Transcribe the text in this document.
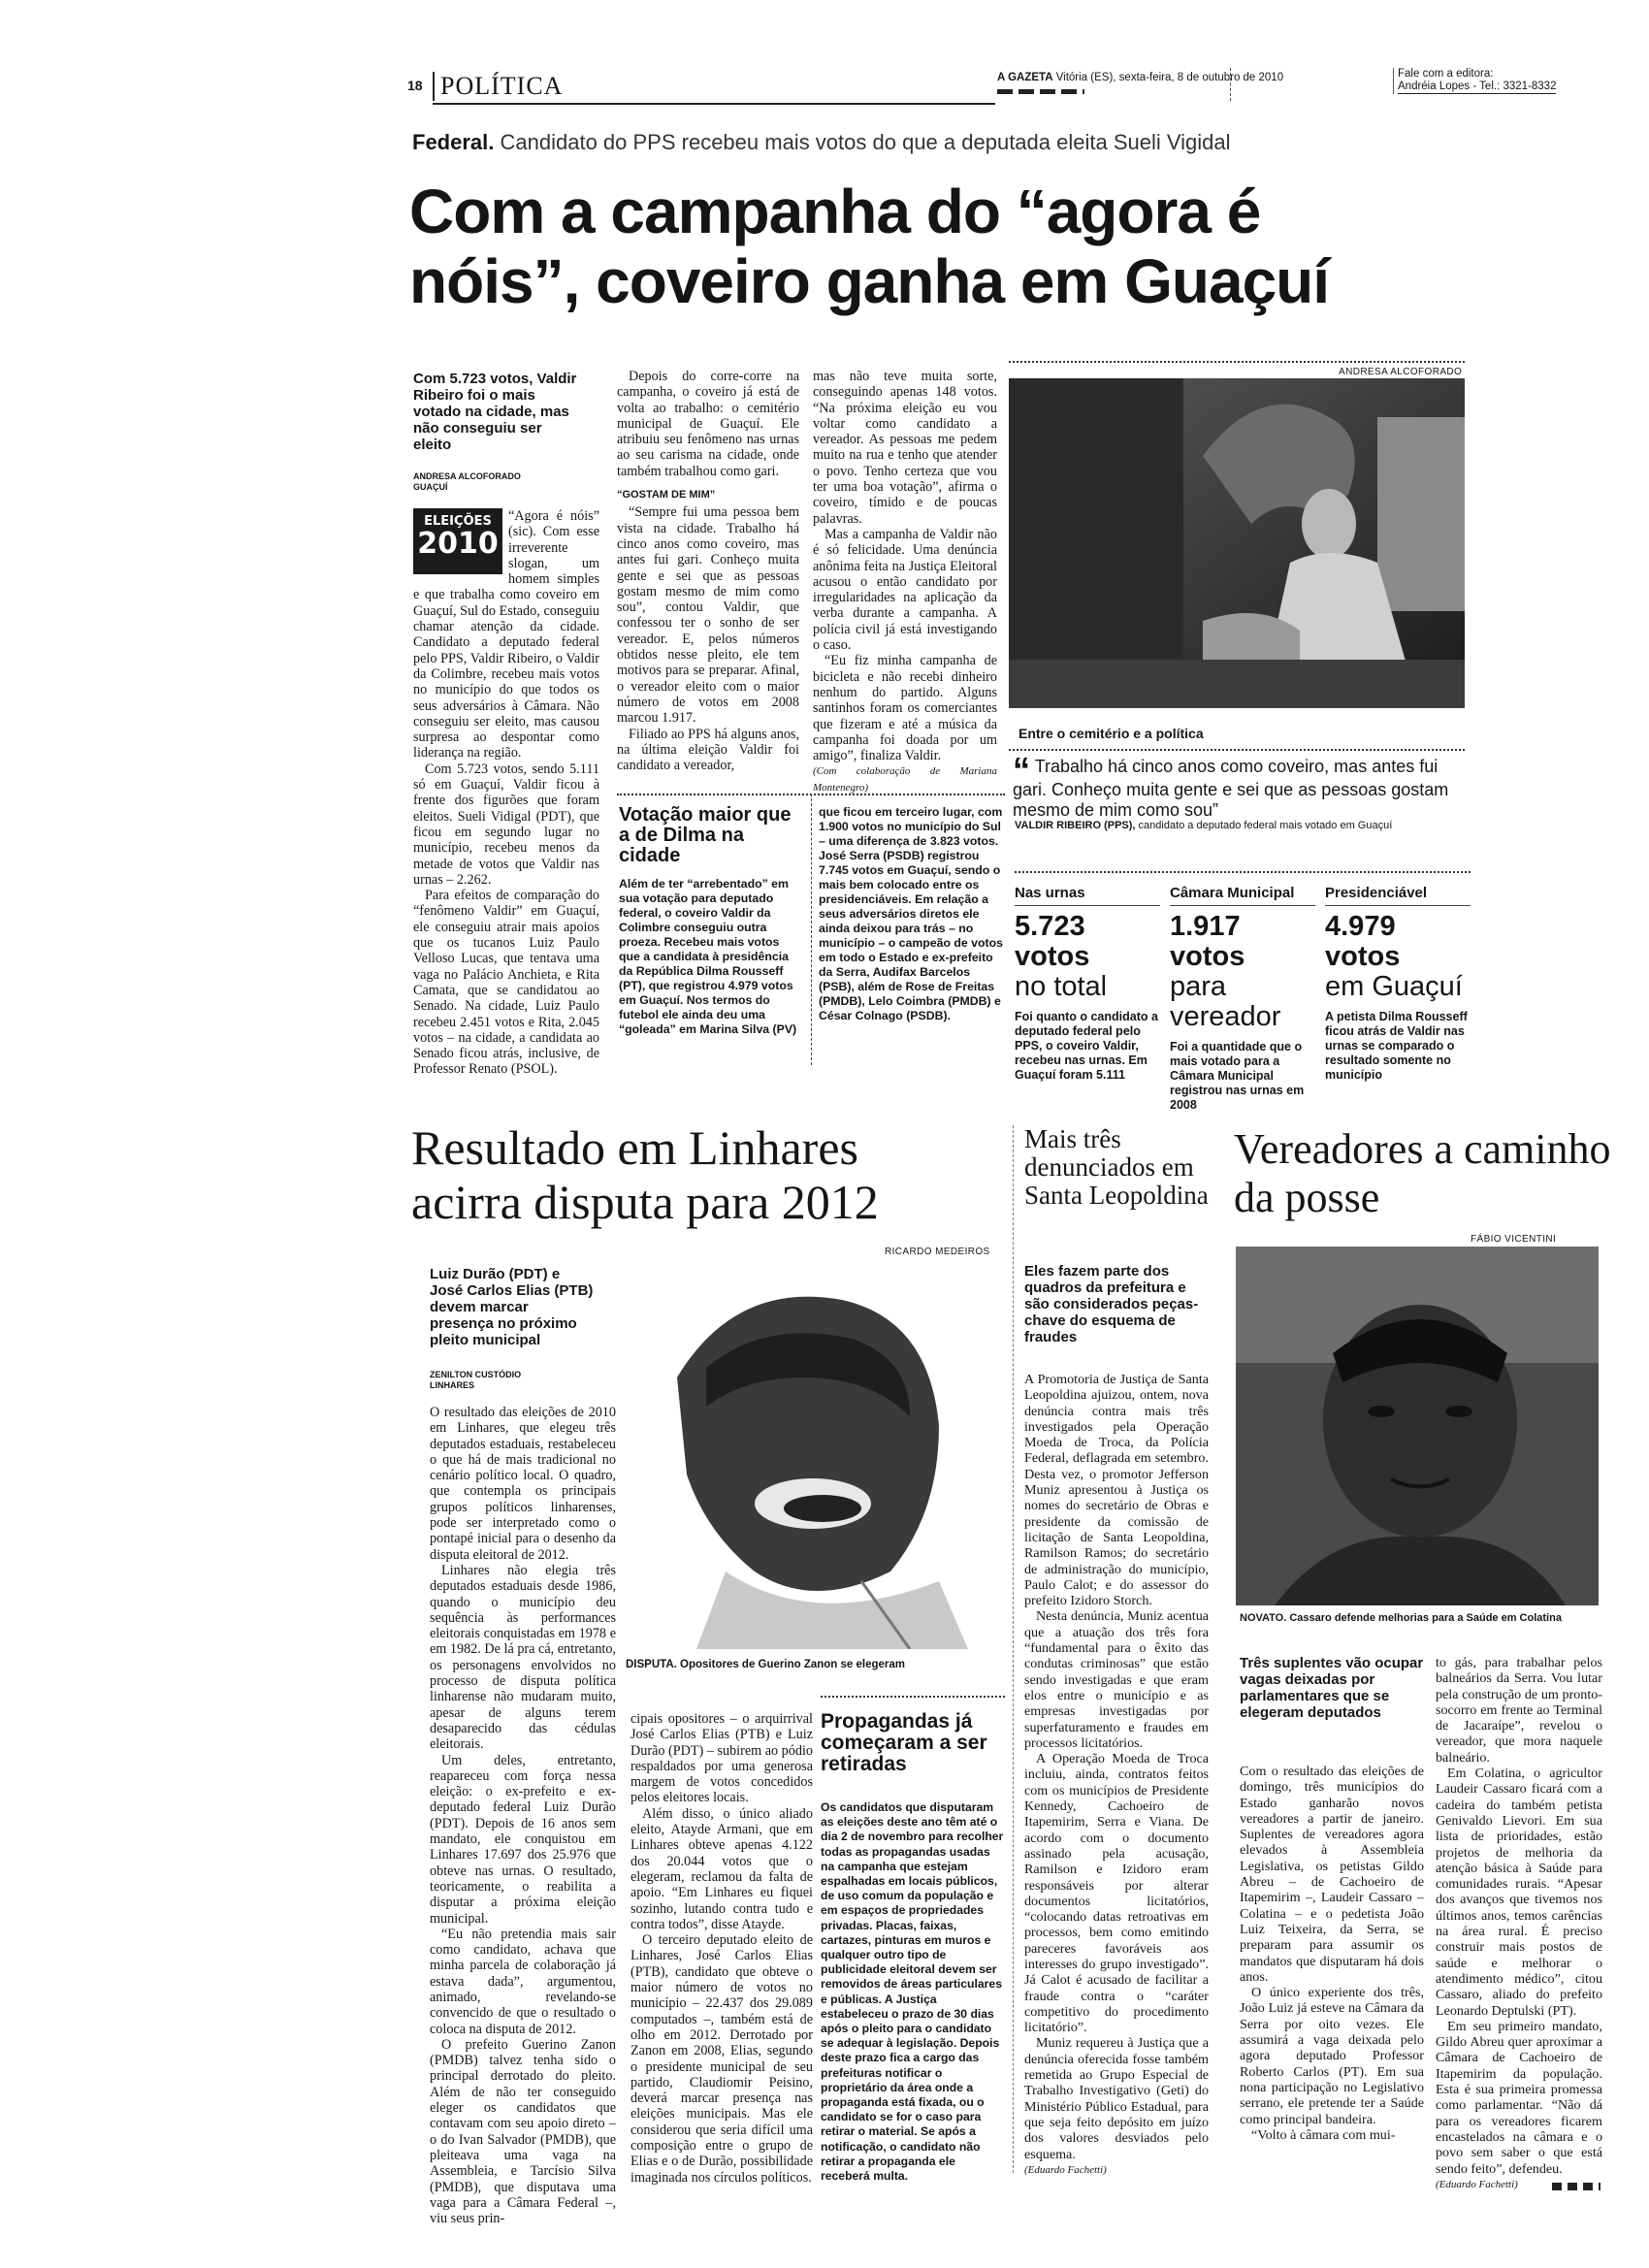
18 POLÍTICA	A GAZETA Vitória (ES), sexta-feira, 8 de outubro de 2010	Fale com a editora:
Andréia Lopes - Tel.: 3321-8332
Federal. Candidato do PPS recebeu mais votos do que a deputada eleita Sueli Vigidal
Com a campanha do “agora é
nóis”, coveiro ganha em Guaçuí
Com 5.723 votos, Valdir Ribeiro foi o mais votado na cidade, mas não conseguiu ser eleito
ANDRESA ALCOFORADO
GUAÇUÍ
ELEIÇÕES
2010

“Agora é nóis” (sic). Com esse irreverente slogan, um homem simples e que trabalha como coveiro em Guaçuí, Sul do Estado, conseguiu chamar atenção da cidade. Candidato a deputado federal pelo PPS, Valdir Ribeiro, o Valdir da Colimbre, recebeu mais votos no município do que todos os seus adversários à Câmara. Não conseguiu ser eleito, mas causou surpresa ao despontar como liderança na região.

Com 5.723 votos, sendo 5.111 só em Guaçuí, Valdir ficou à frente dos figurões que foram eleitos. Sueli Vidigal (PDT), que ficou em segundo lugar no município, recebeu menos da metade de votos que Valdir nas urnas – 2.262.

Para efeitos de comparação do “fenômeno Valdir” em Guaçuí, ele conseguiu atrair mais apoios que os tucanos Luiz Paulo Velloso Lucas, que tentava uma vaga no Palácio Anchieta, e Rita Camata, que se candidatou ao Senado. Na cidade, Luiz Paulo recebeu 2.451 votos e Rita, 2.045 votos – na cidade, a candidata ao Senado ficou atrás, inclusive, de Professor Renato (PSOL).

Depois do corre-corre na campanha, o coveiro já está de volta ao trabalho: o cemitério municipal de Guaçuí. Ele atribuiu seu fenômeno nas urnas ao seu carisma na cidade, onde também trabalhou como gari.

“GOSTAM DE MIM”

“Sempre fui uma pessoa bem vista na cidade. Trabalho há cinco anos como coveiro, mas antes fui gari. Conheço muita gente e sei que as pessoas gostam mesmo de mim como sou”, contou Valdir, que confessou ter o sonho de ser vereador. E, pelos números obtidos nesse pleito, ele tem motivos para se preparar. Afinal, o vereador eleito com o maior número de votos em 2008 marcou 1.917.

Filiado ao PPS há alguns anos, na última eleição Valdir foi candidato a vereador,

mas não teve muita sorte, conseguindo apenas 148 votos. “Na próxima eleição eu vou voltar como candidato a vereador. As pessoas me pedem muito na rua e tenho que atender o povo. Tenho certeza que vou ter uma boa votação”, afirma o coveiro, tímido e de poucas palavras.

Mas a campanha de Valdir não é só felicidade. Uma denúncia anônima feita na Justiça Eleitoral acusou o então candidato por irregularidades na aplicação da verba durante a campanha. A polícia civil já está investigando o caso.

“Eu fiz minha campanha de bicicleta e não recebi dinheiro nenhum do partido. Alguns santinhos foram os comerciantes que fizeram e até a música da campanha foi doada por um amigo”, finaliza Valdir.

(Com colaboração de Mariana Montenegro)
ANDRESA ALCOFORADO
Entre o cemitério e a política
“ Trabalho há cinco anos como coveiro, mas antes fui gari. Conheço muita gente e sei que as pessoas gostam mesmo de mim como sou”
VALDIR RIBEIRO (PPS), candidato a deputado federal mais votado em Guaçuí
Votação maior que a de Dilma na cidade
Além de ter “arrebentado” em sua votação para deputado federal, o coveiro Valdir da Colimbre conseguiu outra proeza. Recebeu mais votos que a candidata à presidência da República Dilma Rousseff (PT), que registrou 4.979 votos em Guaçuí. Nos termos do futebol ele ainda deu uma “goleada” em Marina Silva (PV)
que ficou em terceiro lugar, com 1.900 votos no município do Sul – uma diferença de 3.823 votos. José Serra (PSDB) registrou 7.745 votos em Guaçuí, sendo o mais bem colocado entre os presidenciáveis. Em relação a seus adversários diretos ele ainda deixou para trás – no município – o campeão de votos em todo o Estado e ex-prefeito da Serra, Audifax Barcelos (PSB), além de Rose de Freitas (PMDB), Lelo Coimbra (PMDB) e César Colnago (PSDB).
Nas urnas
5.723 votos
no total
Foi quanto o candidato a deputado federal pelo PPS, o coveiro Valdir, recebeu nas urnas. Em Guaçuí foram 5.111
Câmara Municipal
1.917 votos
para vereador
Foi a quantidade que o mais votado para a Câmara Municipal registrou nas urnas em 2008
Presidenciável
4.979 votos
em Guaçuí
A petista Dilma Rousseff ficou atrás de Valdir nas urnas se comparado o resultado somente no município
Resultado em Linhares
acirra disputa para 2012
RICARDO MEDEIROS
Luiz Durão (PDT) e José Carlos Elias (PTB) devem marcar presença no próximo pleito municipal
ZENILTON CUSTÓDIO
LINHARES
DISPUTA. Opositores de Guerino Zanon se elegeram

O resultado das eleições de 2010 em Linhares, que elegeu três deputados estaduais, restabeleceu o que há de mais tradicional no cenário político local. O quadro, que contempla os principais grupos políticos linharenses, pode ser interpretado como o pontapé inicial para o desenho da disputa eleitoral de 2012.

Linhares não elegia três deputados estaduais desde 1986, quando o município deu sequência às performances eleitorais conquistadas em 1978 e em 1982. De lá pra cá, entretanto, os personagens envolvidos no processo de disputa política linharense não mudaram muito, apesar de alguns terem desaparecido das cédulas eleitorais.

Um deles, entretanto, reapareceu com força nessa eleição: o ex-prefeito e ex-deputado federal Luiz Durão (PDT). Depois de 16 anos sem mandato, ele conquistou em Linhares 17.697 dos 25.976 que obteve nas urnas. O resultado, teoricamente, o reabilita a disputar a próxima eleição municipal.

“Eu não pretendia mais sair como candidato, achava que minha parcela de colaboração já estava dada”, argumentou, animado, revelando-se convencido de que o resultado o coloca na disputa de 2012.

O prefeito Guerino Zanon (PMDB) talvez tenha sido o principal derrotado do pleito. Além de não ter conseguido eleger os candidatos que contavam com seu apoio direto – o do Ivan Salvador (PMDB), que pleiteava uma vaga na Assembleia, e Tarcísio Silva (PMDB), que disputava uma vaga para a Câmara Federal –, viu seus prin-

cipais opositores – o arquirrival José Carlos Elias (PTB) e Luiz Durão (PDT) – subirem ao pódio respaldados por uma generosa margem de votos concedidos pelos eleitores locais.

Além disso, o único aliado eleito, Atayde Armani, que em Linhares obteve apenas 4.122 dos 20.044 votos que o elegeram, reclamou da falta de apoio. “Em Linhares eu fiquei sozinho, lutando contra tudo e contra todos”, disse Atayde.

O terceiro deputado eleito de Linhares, José Carlos Elias (PTB), candidato que obteve o maior número de votos no município – 22.437 dos 29.089 computados –, também está de olho em 2012. Derrotado por Zanon em 2008, Elias, segundo o presidente municipal de seu partido, Claudiomir Peisino, deverá marcar presença nas eleições municipais. Mas ele considerou que seria difícil uma composição entre o grupo de Elias e o de Durão, possibilidade imaginada nos círculos políticos.

Propagandas já começaram a ser retiradas
Os candidatos que disputaram as eleições deste ano têm até o dia 2 de novembro para recolher todas as propagandas usadas na campanha que estejam espalhadas em locais públicos, de uso comum da população e em espaços de propriedades privadas. Placas, faixas, cartazes, pinturas em muros e qualquer outro tipo de publicidade eleitoral devem ser removidos de áreas particulares e públicas. A Justiça estabeleceu o prazo de 30 dias após o pleito para o candidato se adequar à legislação. Depois deste prazo fica a cargo das prefeituras notificar o proprietário da área onde a propaganda está fixada, ou o candidato se for o caso para retirar o material. Se após a notificação, o candidato não retirar a propaganda ele receberá multa.
Mais três denunciados em Santa Leopoldina
Eles fazem parte dos quadros da prefeitura e são considerados peças-chave do esquema de fraudes

A Promotoria de Justiça de Santa Leopoldina ajuizou, ontem, nova denúncia contra mais três investigados pela Operação Moeda de Troca, da Polícia Federal, deflagrada em setembro. Desta vez, o promotor Jefferson Muniz apresentou à Justiça os nomes do secretário de Obras e presidente da comissão de licitação de Santa Leopoldina, Ramilson Ramos; do secretário de administração do município, Paulo Calot; e do assessor do prefeito Izidoro Storch.

Nesta denúncia, Muniz acentua que a atuação dos três fora “fundamental para o êxito das condutas criminosas” que estão sendo investigadas e que eram elos entre o município e as empresas investigadas por superfaturamento e fraudes em processos licitatórios.

A Operação Moeda de Troca incluiu, ainda, contratos feitos com os municípios de Presidente Kennedy, Cachoeiro de Itapemirim, Serra e Viana. De acordo com o documento assinado pela acusação, Ramilson e Izidoro eram responsáveis por alterar documentos licitatórios, “colocando datas retroativas em processos, bem como emitindo pareceres favoráveis aos interesses do grupo investigado”. Já Calot é acusado de facilitar a fraude contra o “caráter competitivo do procedimento licitatório”.

Muniz requereu à Justiça que a denúncia oferecida fosse também remetida ao Grupo Especial de Trabalho Investigativo (Geti) do Ministério Público Estadual, para que seja feito depósito em juízo dos valores desviados pelo esquema.

(Eduardo Fachetti)
Vereadores a caminho da posse
FÁBIO VICENTINI
NOVATO. Cassaro defende melhorias para a Saúde em Colatina
Três suplentes vão ocupar vagas deixadas por parlamentares que se elegeram deputados

Com o resultado das eleições de domingo, três municípios do Estado ganharão novos vereadores a partir de janeiro. Suplentes de vereadores agora elevados à Assembleia Legislativa, os petistas Gildo Abreu – de Cachoeiro de Itapemirim –, Laudeir Cassaro – Colatina – e o pedetista João Luiz Teixeira, da Serra, se preparam para assumir os mandatos que disputaram há dois anos.

O único experiente dos três, João Luiz já esteve na Câmara da Serra por oito vezes. Ele assumirá a vaga deixada pelo agora deputado Professor Roberto Carlos (PT). Em sua nona participação no Legislativo serrano, ele pretende ter a Saúde como principal bandeira.

“Volto à câmara com mui-

to gás, para trabalhar pelos balneários da Serra. Vou lutar pela construção de um pronto-socorro em frente ao Terminal de Jacaraípe”, revelou o vereador, que mora naquele balneário.

Em Colatina, o agricultor Laudeir Cassaro ficará com a cadeira do também petista Genivaldo Lievori. Em sua lista de prioridades, estão projetos de melhoria da atenção básica à Saúde para comunidades rurais. “Apesar dos avanços que tivemos nos últimos anos, temos carências na área rural. É preciso construir mais postos de saúde e melhorar o atendimento médico”, citou Cassaro, aliado do prefeito Leonardo Deptulski (PT).

Em seu primeiro mandato, Gildo Abreu quer aproximar a Câmara de Cachoeiro de Itapemirim da população. Esta é sua primeira promessa como parlamentar. “Não dá para os vereadores ficarem encastelados na câmara e o povo sem saber o que está sendo feito”, defendeu.

(Eduardo Fachetti)
